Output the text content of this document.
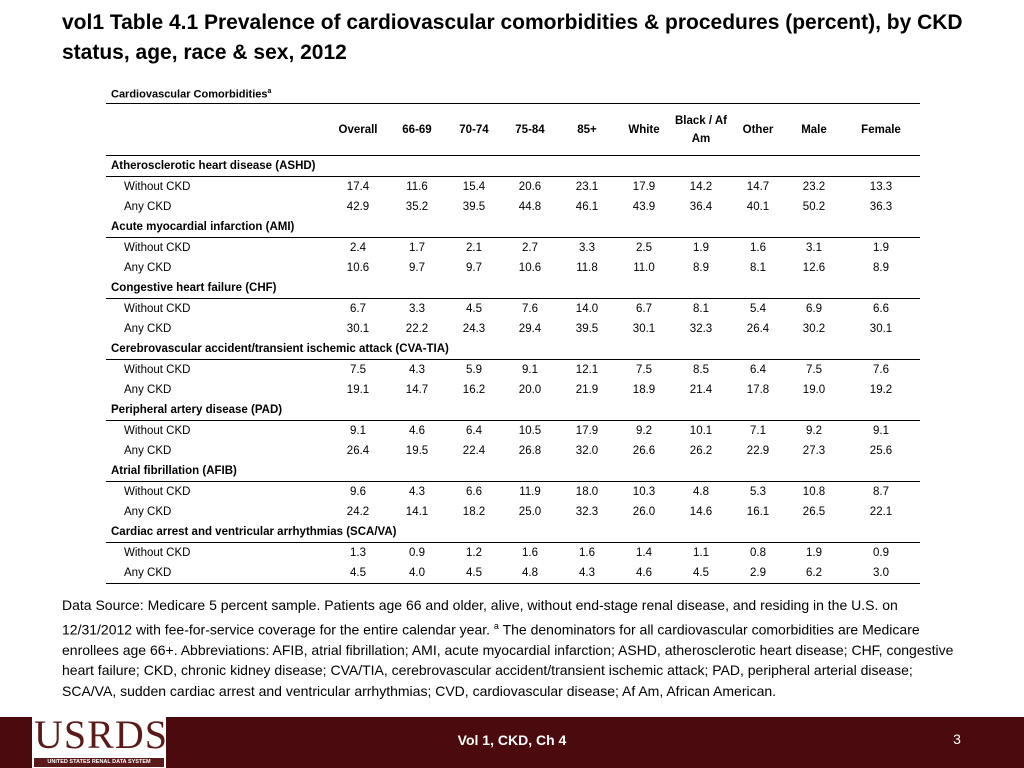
vol1 Table 4.1 Prevalence of cardiovascular comorbidities & procedures (percent), by CKD status, age, race & sex, 2012
Cardiovascular Comorbidities$^a$
	Overall	66-69	70-74	75-84	85+	White	Black / Af Am	Other	Male	Female
Atherosclerotic heart disease (ASHD)										
Without CKD	17.4	11.6	15.4	20.6	23.1	17.9	14.2	14.7	23.2	13.3
Any CKD	42.9	35.2	39.5	44.8	46.1	43.9	36.4	40.1	50.2	36.3
Acute myocardial infarction (AMI)										
Without CKD	2.4	1.7	2.1	2.7	3.3	2.5	1.9	1.6	3.1	1.9
Any CKD	10.6	9.7	9.7	10.6	11.8	11.0	8.9	8.1	12.6	8.9
Congestive heart failure (CHF)										
Without CKD	6.7	3.3	4.5	7.6	14.0	6.7	8.1	5.4	6.9	6.6
Any CKD	30.1	22.2	24.3	29.4	39.5	30.1	32.3	26.4	30.2	30.1
Cerebrovascular accident/transient ischemic attack (CVA-TIA)										
Without CKD	7.5	4.3	5.9	9.1	12.1	7.5	8.5	6.4	7.5	7.6
Any CKD	19.1	14.7	16.2	20.0	21.9	18.9	21.4	17.8	19.0	19.2
Peripheral artery disease (PAD)										
Without CKD	9.1	4.6	6.4	10.5	17.9	9.2	10.1	7.1	9.2	9.1
Any CKD	26.4	19.5	22.4	26.8	32.0	26.6	26.2	22.9	27.3	25.6
Atrial fibrillation (AFIB)										
Without CKD	9.6	4.3	6.6	11.9	18.0	10.3	4.8	5.3	10.8	8.7
Any CKD	24.2	14.1	18.2	25.0	32.3	26.0	14.6	16.1	26.5	22.1
Cardiac arrest and ventricular arrhythmias (SCA/VA)										
Without CKD	1.3	0.9	1.2	1.6	1.6	1.4	1.1	0.8	1.9	0.9
Any CKD	4.5	4.0	4.5	4.8	4.3	4.6	4.5	2.9	6.2	3.0
Data Source: Medicare 5 percent sample. Patients age 66 and older, alive, without end-stage renal disease, and residing in the U.S. on 12/31/2012 with fee-for-service coverage for the entire calendar year. $^a$ The denominators for all cardiovascular comorbidities are Medicare enrollees age 66+. Abbreviations: AFIB, atrial fibrillation; AMI, acute myocardial infarction; ASHD, atherosclerotic heart disease; CHF, congestive heart failure; CKD, chronic kidney disease; CVA/TIA, cerebrovascular accident/transient ischemic attack; PAD, peripheral arterial disease; SCA/VA, sudden cardiac arrest and ventricular arrhythmias; CVD, cardiovascular disease; Af Am, African American.
USRDS
UNITED STATES RENAL DATA SYSTEM
Vol 1, CKD, Ch 4	3
